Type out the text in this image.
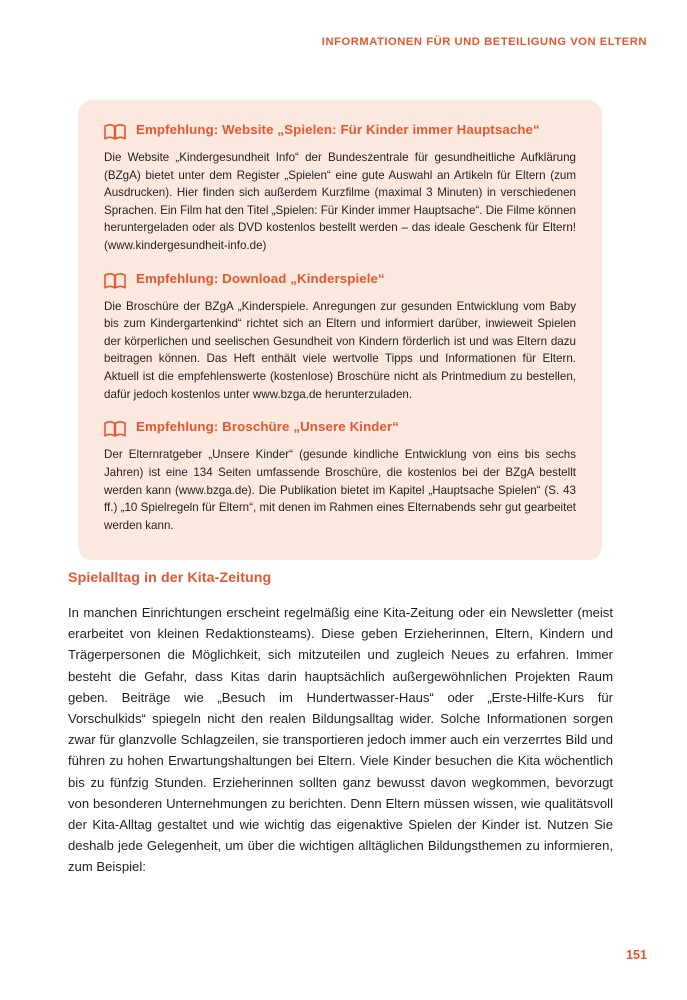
INFORMATIONEN FÜR UND BETEILIGUNG VON ELTERN
Empfehlung: Website „Spielen: Für Kinder immer Hauptsache“

Die Website „Kindergesundheit Info“ der Bundeszentrale für gesundheitliche Aufklärung (BZgA) bietet unter dem Register „Spielen“ eine gute Auswahl an Artikeln für Eltern (zum Ausdrucken). Hier finden sich außerdem Kurzfilme (maximal 3 Minuten) in verschiedenen Sprachen. Ein Film hat den Titel „Spielen: Für Kinder immer Hauptsache“. Die Filme können heruntergeladen oder als DVD kostenlos bestellt werden – das ideale Geschenk für Eltern! (www.kindergesundheit-info.de)

Empfehlung: Download „Kinderspiele“

Die Broschüre der BZgA „Kinderspiele. Anregungen zur gesunden Entwicklung vom Baby bis zum Kindergartenkind“ richtet sich an Eltern und informiert darüber, inwieweit Spielen der körperlichen und seelischen Gesundheit von Kindern förderlich ist und was Eltern dazu beitragen können. Das Heft enthält viele wertvolle Tipps und Informationen für Eltern. Aktuell ist die empfehlenswerte (kostenlose) Broschüre nicht als Printmedium zu bestellen, dafür jedoch kostenlos unter www.bzga.de herunterzuladen.

Empfehlung: Broschüre „Unsere Kinder“

Der Elternratgeber „Unsere Kinder“ (gesunde kindliche Entwicklung von eins bis sechs Jahren) ist eine 134 Seiten umfassende Broschüre, die kostenlos bei der BZgA bestellt werden kann (www.bzga.de). Die Publikation bietet im Kapitel „Hauptsache Spielen“ (S. 43 ff.) „10 Spielregeln für Eltern“, mit denen im Rahmen eines Elternabends sehr gut gearbeitet werden kann.

Spielalltag in der Kita-Zeitung

In manchen Einrichtungen erscheint regelmäßig eine Kita-Zeitung oder ein Newsletter (meist erarbeitet von kleinen Redaktionsteams). Diese geben Erzieherinnen, Eltern, Kindern und Trägerpersonen die Möglichkeit, sich mitzuteilen und zugleich Neues zu erfahren. Immer besteht die Gefahr, dass Kitas darin hauptsächlich außergewöhnlichen Projekten Raum geben. Beiträge wie „Besuch im Hundertwasser-Haus“ oder „Erste-Hilfe-Kurs für Vorschulkids“ spiegeln nicht den realen Bildungsalltag wider. Solche Informationen sorgen zwar für glanzvolle Schlagzeilen, sie transportieren jedoch immer auch ein verzerrtes Bild und führen zu hohen Erwartungshaltungen bei Eltern. Viele Kinder besuchen die Kita wöchentlich bis zu fünfzig Stunden. Erzieherinnen sollten ganz bewusst davon wegkommen, bevorzugt von besonderen Unternehmungen zu berichten. Denn Eltern müssen wissen, wie qualitätsvoll der Kita-Alltag gestaltet und wie wichtig das eigenaktive Spielen der Kinder ist. Nutzen Sie deshalb jede Gelegenheit, um über die wichtigen alltäglichen Bildungsthemen zu informieren, zum Beispiel:

151
